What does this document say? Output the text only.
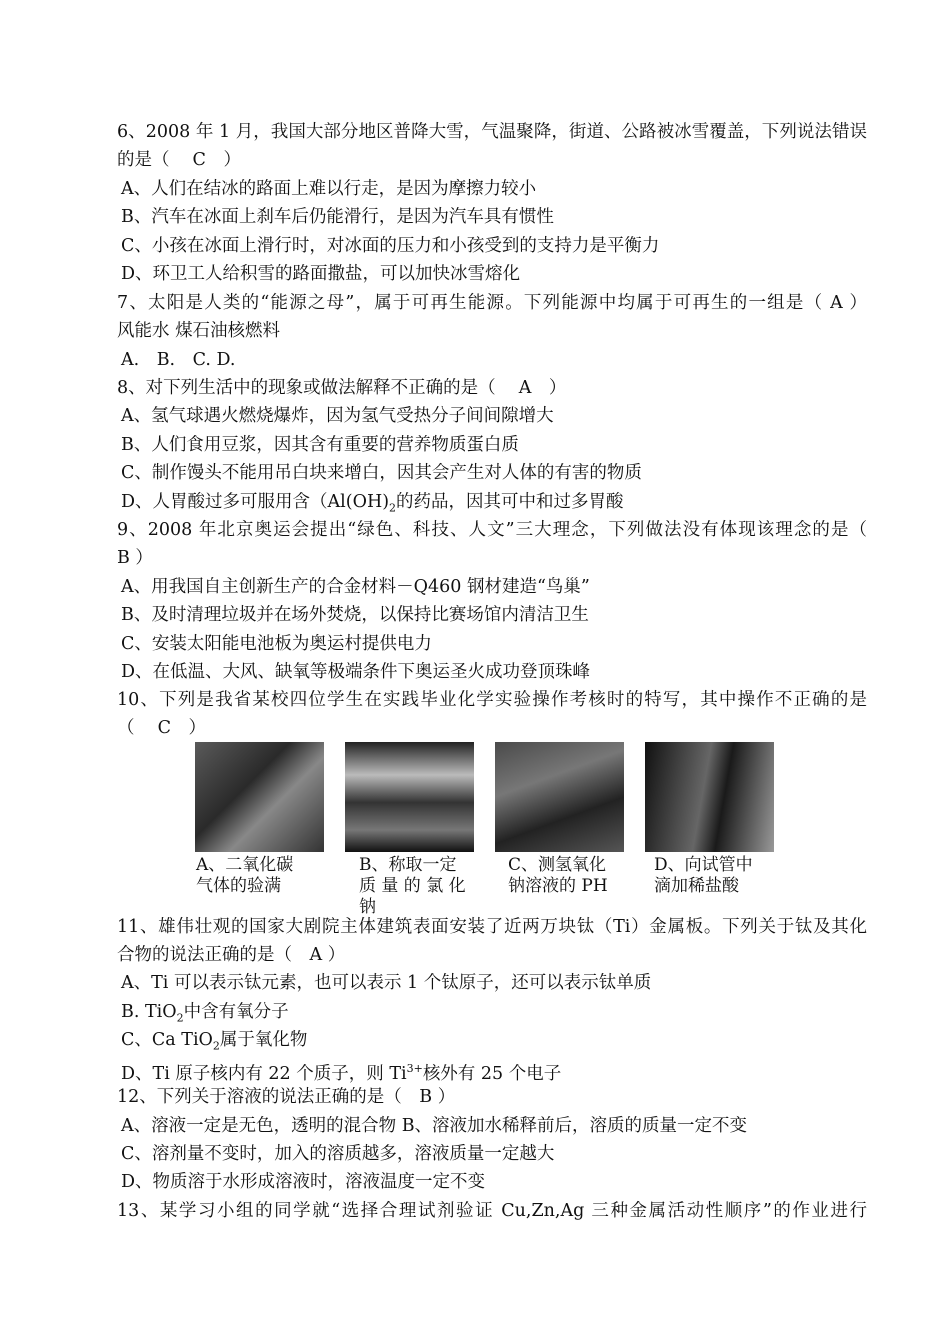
6、2008 年 1 月，我国大部分地区普降大雪，气温聚降，街道、公路被冰雪覆盖，下列说法错误
的是（　 C　）
A、人们在结冰的路面上难以行走，是因为摩擦力较小
B、汽车在冰面上刹车后仍能滑行，是因为汽车具有惯性
C、小孩在冰面上滑行时，对冰面的压力和小孩受到的支持力是平衡力
D、环卫工人给积雪的路面撒盐，可以加快冰雪熔化
7、太阳是人类的“能源之母”，属于可再生能源。下列能源中均属于可再生的一组是（ A ）
风能水 煤石油核燃料
A.　B.　C. D.
8、对下列生活中的现象或做法解释不正确的是（　 A　）
A、氢气球遇火燃烧爆炸，因为氢气受热分子间间隙增大
B、人们食用豆浆，因其含有重要的营养物质蛋白质
C、制作馒头不能用吊白块来增白，因其会产生对人体的有害的物质
D、人胃酸过多可服用含（$Al(OH)_2$的药品，因其可中和过多胃酸
9、2008 年北京奥运会提出“绿色、科技、人文”三大理念，下列做法没有体现该理念的是（
B ）
A、用我国自主创新生产的合金材料－Q460 钢材建造“鸟巢”
B、及时清理垃圾并在场外焚烧，以保持比赛场馆内清洁卫生
C、安装太阳能电池板为奥运村提供电力
D、在低温、大风、缺氧等极端条件下奥运圣火成功登顶珠峰
10、下列是我省某校四位学生在实践毕业化学实验操作考核时的特写，其中操作不正确的是
（　 C　）
A、二氧化碳
气体的验满
B、称取一定
质 量 的 氯 化
钠
C、测氢氧化
钠溶液的 PH
D、向试管中
滴加稀盐酸
11、雄伟壮观的国家大剧院主体建筑表面安装了近两万块钛（Ti）金属板。下列关于钛及其化
合物的说法正确的是（　A ）
A、Ti 可以表示钛元素，也可以表示 1 个钛原子，还可以表示钛单质
B. TiO$_2$中含有氧分子
C、Ca TiO$_2$属于氧化物
D、Ti 原子核内有 22 个质子，则 $Ti^{3+}$核外有 25 个电子
12、下列关于溶液的说法正确的是（　B ）
A、溶液一定是无色，透明的混合物 B、溶液加水稀释前后，溶质的质量一定不变
C、溶剂量不变时，加入的溶质越多，溶液质量一定越大
D、物质溶于水形成溶液时，溶液温度一定不变
13、某学习小组的同学就“选择合理试剂验证 Cu,Zn,Ag 三种金属活动性顺序”的作业进行
